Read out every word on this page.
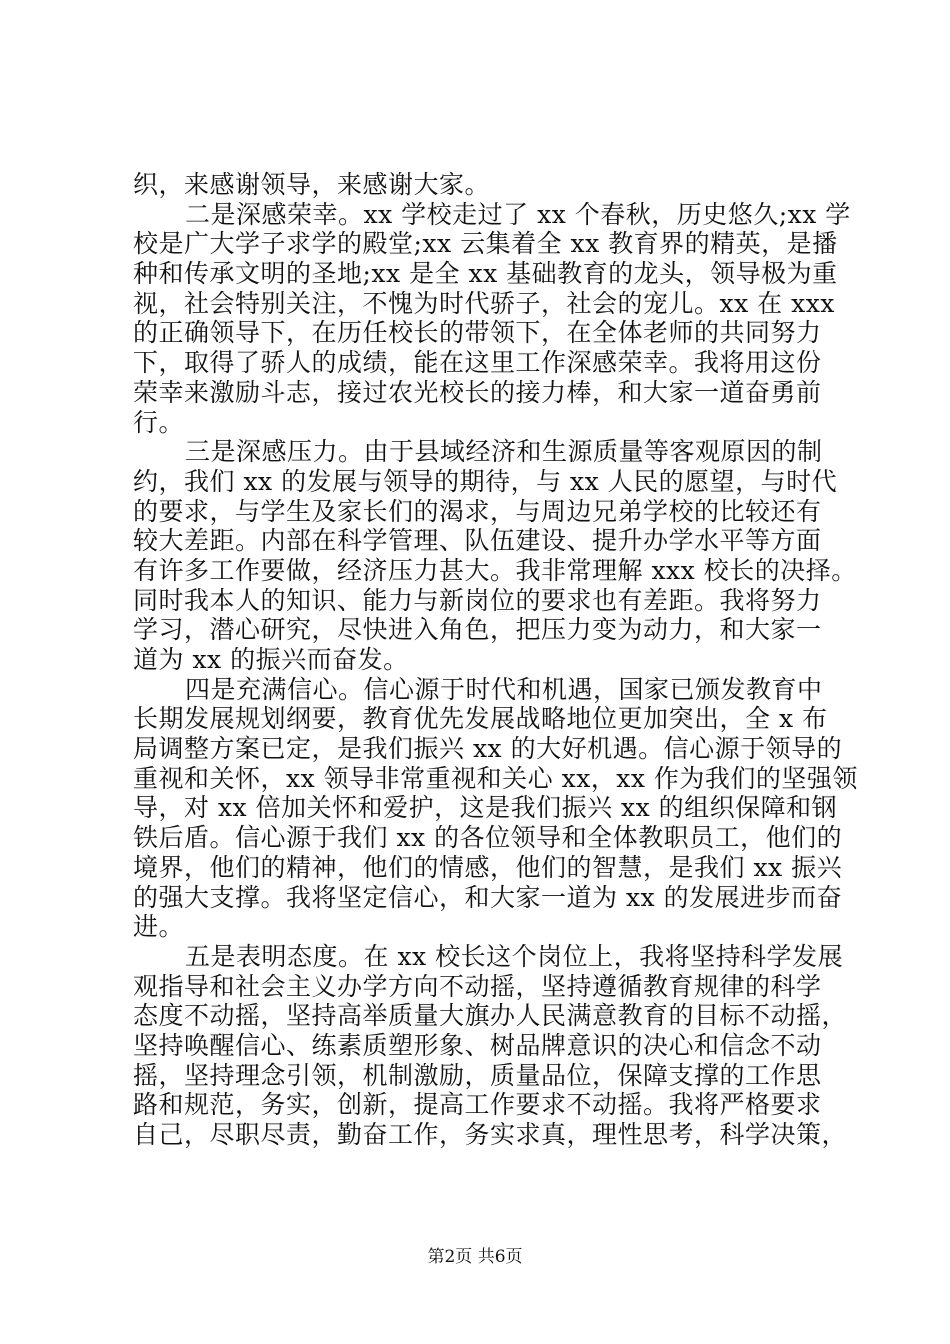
织，来感谢领导，来感谢大家。
二是深感荣幸。xx 学校走过了 xx 个春秋，历史悠久;xx 学
校是广大学子求学的殿堂;xx 云集着全 xx 教育界的精英，是播
种和传承文明的圣地;xx 是全 xx 基础教育的龙头，领导极为重
视，社会特别关注，不愧为时代骄子，社会的宠儿。xx 在 xxx
的正确领导下，在历任校长的带领下，在全体老师的共同努力
下，取得了骄人的成绩，能在这里工作深感荣幸。我将用这份
荣幸来激励斗志，接过农光校长的接力棒，和大家一道奋勇前
行。
三是深感压力。由于县域经济和生源质量等客观原因的制
约，我们 xx 的发展与领导的期待，与 xx 人民的愿望，与时代
的要求，与学生及家长们的渴求，与周边兄弟学校的比较还有
较大差距。内部在科学管理、队伍建设、提升办学水平等方面
有许多工作要做，经济压力甚大。我非常理解 xxx 校长的决择。
同时我本人的知识、能力与新岗位的要求也有差距。我将努力
学习，潜心研究，尽快进入角色，把压力变为动力，和大家一
道为 xx 的振兴而奋发。
四是充满信心。信心源于时代和机遇，国家已颁发教育中
长期发展规划纲要，教育优先发展战略地位更加突出，全 x 布
局调整方案已定，是我们振兴 xx 的大好机遇。信心源于领导的
重视和关怀，xx 领导非常重视和关心 xx，xx 作为我们的坚强领
导，对 xx 倍加关怀和爱护，这是我们振兴 xx 的组织保障和钢
铁后盾。信心源于我们 xx 的各位领导和全体教职员工，他们的
境界，他们的精神，他们的情感，他们的智慧，是我们 xx 振兴
的强大支撑。我将坚定信心，和大家一道为 xx 的发展进步而奋
进。
五是表明态度。在 xx 校长这个岗位上，我将坚持科学发展
观指导和社会主义办学方向不动摇，坚持遵循教育规律的科学
态度不动摇，坚持高举质量大旗办人民满意教育的目标不动摇，
坚持唤醒信心、练素质塑形象、树品牌意识的决心和信念不动
摇，坚持理念引领，机制激励，质量品位，保障支撑的工作思
路和规范，务实，创新，提高工作要求不动摇。我将严格要求
自己，尽职尽责，勤奋工作，务实求真，理性思考，科学决策，
第2页 共6页
